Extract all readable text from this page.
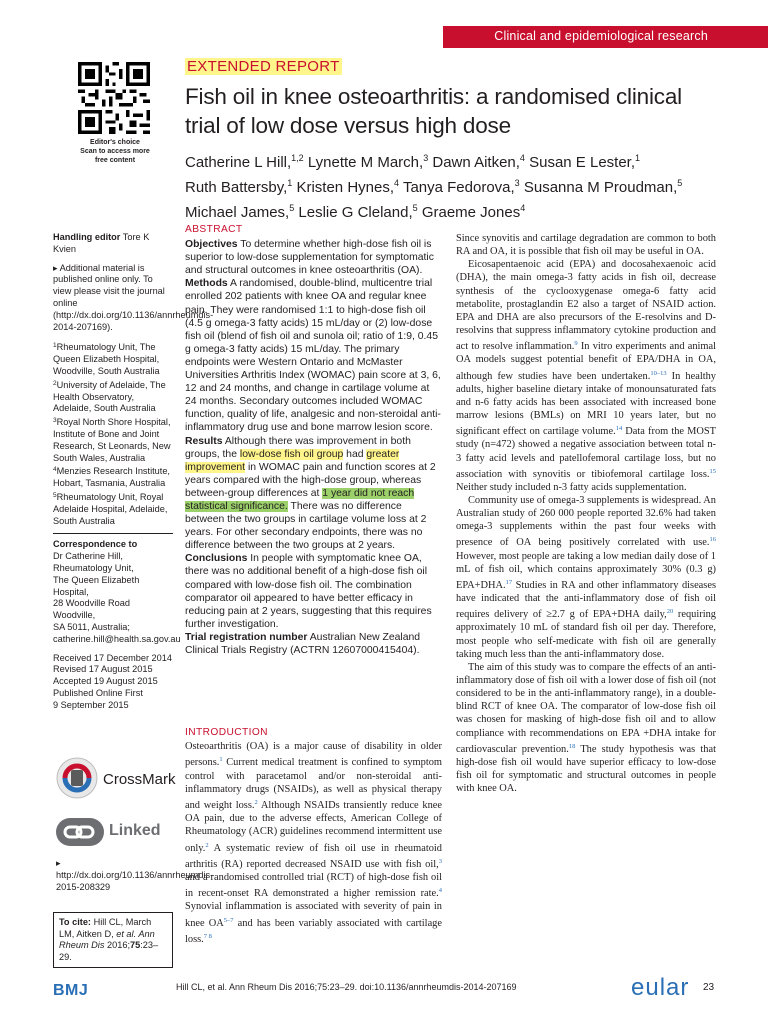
Clinical and epidemiological research
Editor's choice
Scan to access more
free content
EXTENDED REPORT
Fish oil in knee osteoarthritis: a randomised clinical trial of low dose versus high dose
Catherine L Hill,$^{1,2}$ Lynette M March,$^3$ Dawn Aitken,$^4$ Susan E Lester,$^1$
Ruth Battersby,$^1$ Kristen Hynes,$^4$ Tanya Fedorova,$^3$ Susanna M Proudman,$^5$
Michael James,$^5$ Leslie G Cleland,$^5$ Graeme Jones$^4$
Handling editor Tore K Kvien
▸ Additional material is published online only. To view please visit the journal online (http://dx.doi.org/10.1136/annrheumdis-2014-207169).
$^1$Rheumatology Unit, The Queen Elizabeth Hospital, Woodville, South Australia
$^2$University of Adelaide, The Health Observatory, Adelaide, South Australia
$^3$Royal North Shore Hospital, Institute of Bone and Joint Research, St Leonards, New South Wales, Australia
$^4$Menzies Research Institute, Hobart, Tasmania, Australia
$^5$Rheumatology Unit, Royal Adelaide Hospital, Adelaide, South Australia
Correspondence to
Dr Catherine Hill,
Rheumatology Unit,
The Queen Elizabeth Hospital,
28 Woodville Road Woodville,
SA 5011, Australia;
catherine.hill@health.sa.gov.au
Received 17 December 2014
Revised 17 August 2015
Accepted 19 August 2015
Published Online First
9 September 2015
ABSTRACT
Objectives To determine whether high-dose fish oil is superior to low-dose supplementation for symptomatic and structural outcomes in knee osteoarthritis (OA).
Methods A randomised, double-blind, multicentre trial enrolled 202 patients with knee OA and regular knee pain. They were randomised 1:1 to high-dose fish oil (4.5 g omega-3 fatty acids) 15 mL/day or (2) low-dose fish oil (blend of fish oil and sunola oil; ratio of 1:9, 0.45 g omega-3 fatty acids) 15 mL/day. The primary endpoints were Western Ontario and McMaster Universities Arthritis Index (WOMAC) pain score at 3, 6, 12 and 24 months, and change in cartilage volume at 24 months. Secondary outcomes included WOMAC function, quality of life, analgesic and non-steroidal anti-inflammatory drug use and bone marrow lesion score.
Results Although there was improvement in both groups, the low-dose fish oil group had greater improvement in WOMAC pain and function scores at 2 years compared with the high-dose group, whereas between-group differences at 1 year did not reach statistical significance. There was no difference between the two groups in cartilage volume loss at 2 years. For other secondary endpoints, there was no difference between the two groups at 2 years.
Conclusions In people with symptomatic knee OA, there was no additional benefit of a high-dose fish oil compared with low-dose fish oil. The combination comparator oil appeared to have better efficacy in reducing pain at 2 years, suggesting that this requires further investigation.
Trial registration number Australian New Zealand Clinical Trials Registry (ACTRN 12607000415404).
INTRODUCTION

Osteoarthritis (OA) is a major cause of disability in older persons.$^1$ Current medical treatment is confined to symptom control with paracetamol and/or non-steroidal anti-inflammatory drugs (NSAIDs), as well as physical therapy and weight loss.$^2$ Although NSAIDs transiently reduce knee OA pain, due to the adverse effects, American College of Rheumatology (ACR) guidelines recommend intermittent use only.$^2$ A systematic review of fish oil use in rheumatoid arthritis (RA) reported decreased NSAID use with fish oil,$^3$ and a randomised controlled trial (RCT) of high-dose fish oil in recent-onset RA demonstrated a higher remission rate.$^4$ Synovial inflammation is associated with severity of pain in knee OA$^{5-7}$ and has been variably associated with cartilage loss.$^{7 8}$

Since synovitis and cartilage degradation are common to both RA and OA, it is possible that fish oil may be useful in OA.

Eicosapentaenoic acid (EPA) and docosahexaenoic acid (DHA), the main omega-3 fatty acids in fish oil, decrease synthesis of the cyclooxygenase omega-6 fatty acid metabolite, prostaglandin E2 also a target of NSAID action. EPA and DHA are also precursors of the E-resolvins and D-resolvins that suppress inflammatory cytokine production and act to resolve inflammation.$^9$ In vitro experiments and animal OA models suggest potential benefit of EPA/DHA in OA, although few studies have been undertaken.$^{10-13}$ In healthy adults, higher baseline dietary intake of monounsaturated fats and n-6 fatty acids has been associated with increased bone marrow lesions (BMLs) on MRI 10 years later, but no significant effect on cartilage volume.$^{14}$ Data from the MOST study (n=472) showed a negative association between total n-3 fatty acid levels and patellofemoral cartilage loss, but no association with synovitis or tibiofemoral cartilage loss.$^{15}$ Neither study included n-3 fatty acids supplementation.

Community use of omega-3 supplements is widespread. An Australian study of 260 000 people reported 32.6% had taken omega-3 supplements within the past four weeks with presence of OA being positively correlated with use.$^{16}$ However, most people are taking a low median daily dose of 1 mL of fish oil, which contains approximately 30% (0.3 g) EPA+DHA.$^{17}$ Studies in RA and other inflammatory diseases have indicated that the anti-inflammatory dose of fish oil requires delivery of ≥2.7 g of EPA+DHA daily,$^{20}$ requiring approximately 10 mL of standard fish oil per day. Therefore, most people who self-medicate with fish oil are generally taking much less than the anti-inflammatory dose.

The aim of this study was to compare the effects of an anti-inflammatory dose of fish oil with a lower dose of fish oil (not considered to be in the anti-inflammatory range), in a double-blind RCT of knee OA. The comparator of low-dose fish oil was chosen for masking of high-dose fish oil and to allow compliance with recommendations on EPA +DHA intake for cardiovascular prevention.$^{18}$ The study hypothesis was that high-dose fish oil would have superior efficacy to low-dose fish oil for symptomatic and structural outcomes in people with knee OA.

CrossMark
Linked
▸ http://dx.doi.org/10.1136/annrheumdis-2015-208329
To cite: Hill CL, March LM, Aitken D, et al. Ann Rheum Dis 2016;75:23–29.
BMJ	Hill CL, et al. Ann Rheum Dis 2016;75:23–29. doi:10.1136/annrheumdis-2014-207169	eular 23
